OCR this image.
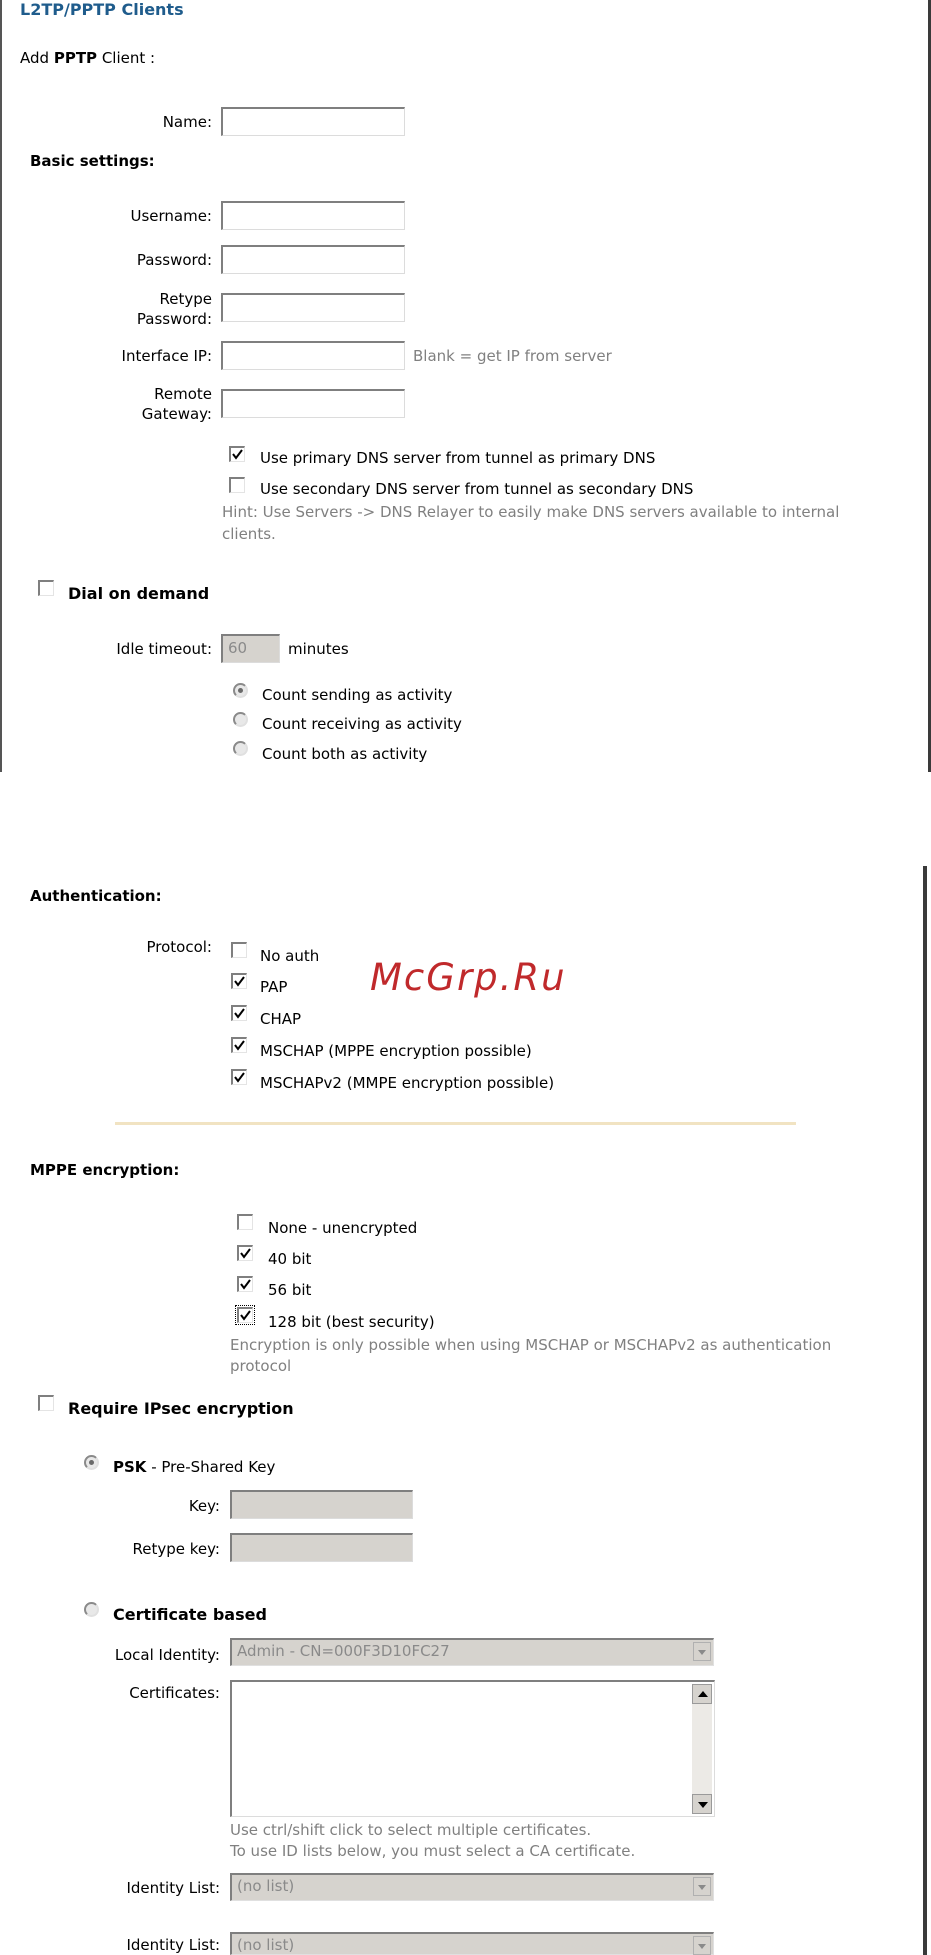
L2TP/PPTP Clients
Add PPTP Client :
Name:
Basic settings:
Username:
Password:
Retype
Password:
Interface IP:	Blank = get IP from server
Remote
Gateway:
Use primary DNS server from tunnel as primary DNS
Use secondary DNS server from tunnel as secondary DNS
Hint: Use Servers -> DNS Relayer to easily make DNS servers available to internal
clients.
Dial on demand
Idle timeout: 60	minutes
Count sending as activity
Count receiving as activity
Count both as activity
Authentication:
Protocol:	No auth
PAP
CHAP
MSCHAP (MPPE encryption possible)
MSCHAPv2 (MMPE encryption possible)
McGrp.Ru
MPPE encryption:
None - unencrypted
40 bit
56 bit
128 bit (best security)
Encryption is only possible when using MSCHAP or MSCHAPv2 as authentication
protocol
Require IPsec encryption
PSK - Pre-Shared Key
Key:
Retype key:
Certificate based
Local Identity: Admin - CN=000F3D10FC27
Certificates:
Use ctrl/shift click to select multiple certificates.
To use ID lists below, you must select a CA certificate.
Identity List: (no list)
Identity List: (no list)
